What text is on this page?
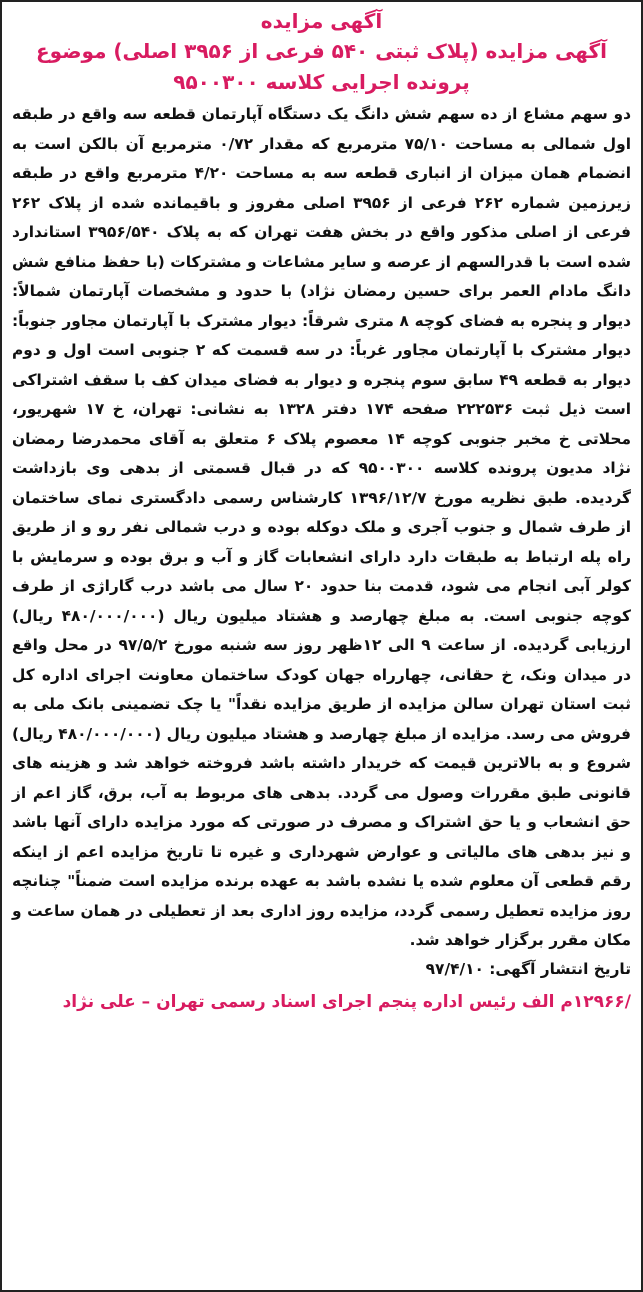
آگهی مزایده
آگهی مزایده (پلاک ثبتی ۵۴۰ فرعی از ۳۹۵۶ اصلی) موضوع پرونده اجرایی کلاسه ۹۵۰۰۳۰۰
دو سهم مشاع از ده سهم شش دانگ یک دستگاه آپارتمان قطعه سه واقع در طبقه اول شمالی به مساحت ۷۵/۱۰ مترمربع که مقدار ۰/۷۲ مترمربع آن بالکن است به انضمام همان میزان از انباری قطعه سه به مساحت ۴/۲۰ مترمربع واقع در طبقه زیرزمین شماره ۲۶۲ فرعی از ۳۹۵۶ اصلی مفروز و باقیمانده شده از پلاک ۲۶۲ فرعی از اصلی مذکور واقع در بخش هفت تهران که به پلاک ۳۹۵۶/۵۴۰ استاندارد شده است با قدرالسهم از عرصه و سایر مشاعات و مشترکات (با حفظ منافع شش دانگ مادام العمر برای حسین رمضان نژاد) با حدود و مشخصات آپارتمان شمالاً: دیوار و پنجره به فضای کوچه ۸ متری شرقاً: دیوار مشترک با آپارتمان مجاور جنوباً: دیوار مشترک با آپارتمان مجاور غرباً: در سه قسمت که ۲ جنوبی است اول و دوم دیوار به قطعه ۴۹ سابق سوم پنجره و دیوار به فضای میدان کف با سقف اشتراکی است ذیل ثبت ۲۲۲۵۳۶ صفحه ۱۷۴ دفتر ۱۳۲۸ به نشانی: تهران، خ ۱۷ شهریور، محلاتی خ مخبر جنوبی کوچه ۱۴ معصوم پلاک ۶ متعلق به آقای محمدرضا رمضان نژاد مدیون پرونده کلاسه ۹۵۰۰۳۰۰ که در قبال قسمتی از بدهی وی بازداشت گردیده. طبق نظریه مورخ ۱۳۹۶/۱۲/۷ کارشناس رسمی دادگستری نمای ساختمان از طرف شمال و جنوب آجری و ملک دوکله بوده و درب شمالی نفر رو و از طریق راه پله ارتباط به طبقات دارد دارای انشعابات گاز و آب و برق بوده و سرمایش با کولر آبی انجام می شود، قدمت بنا حدود ۲۰ سال می باشد درب گاراژی از طرف کوچه جنوبی است. به مبلغ چهارصد و هشتاد میلیون ریال (۴۸۰/۰۰۰/۰۰۰ ریال) ارزیابی گردیده. از ساعت ۹ الی ۱۲ظهر روز سه شنبه مورخ ۹۷/۵/۲ در محل واقع در میدان ونک، خ حقانی، چهارراه جهان کودک ساختمان معاونت اجرای اداره کل ثبت استان تهران سالن مزایده از طریق مزایده نقداً" یا چک تضمینی بانک ملی به فروش می رسد. مزایده از مبلغ چهارصد و هشتاد میلیون ریال (۴۸۰/۰۰۰/۰۰۰ ریال) شروع و به بالاترین قیمت که خریدار داشته باشد فروخته خواهد شد و هزینه های قانونی طبق مقررات وصول می گردد. بدهی های مربوط به آب، برق، گاز اعم از حق انشعاب و یا حق اشتراک و مصرف در صورتی که مورد مزایده دارای آنها باشد و نیز بدهی های مالیاتی و عوارض شهرداری و غیره تا تاریخ مزایده اعم از اینکه رقم قطعی آن معلوم شده یا نشده باشد به عهده برنده مزایده است ضمناً" چنانچه روز مزایده تعطیل رسمی گردد، مزایده روز اداری بعد از تعطیلی در همان ساعت و مکان مقرر برگزار خواهد شد.
تاریخ انتشار آگهی: ۹۷/۴/۱۰
/۱۲۹۶۶م الف رئیس اداره پنجم اجرای اسناد رسمی تهران – علی نژاد
